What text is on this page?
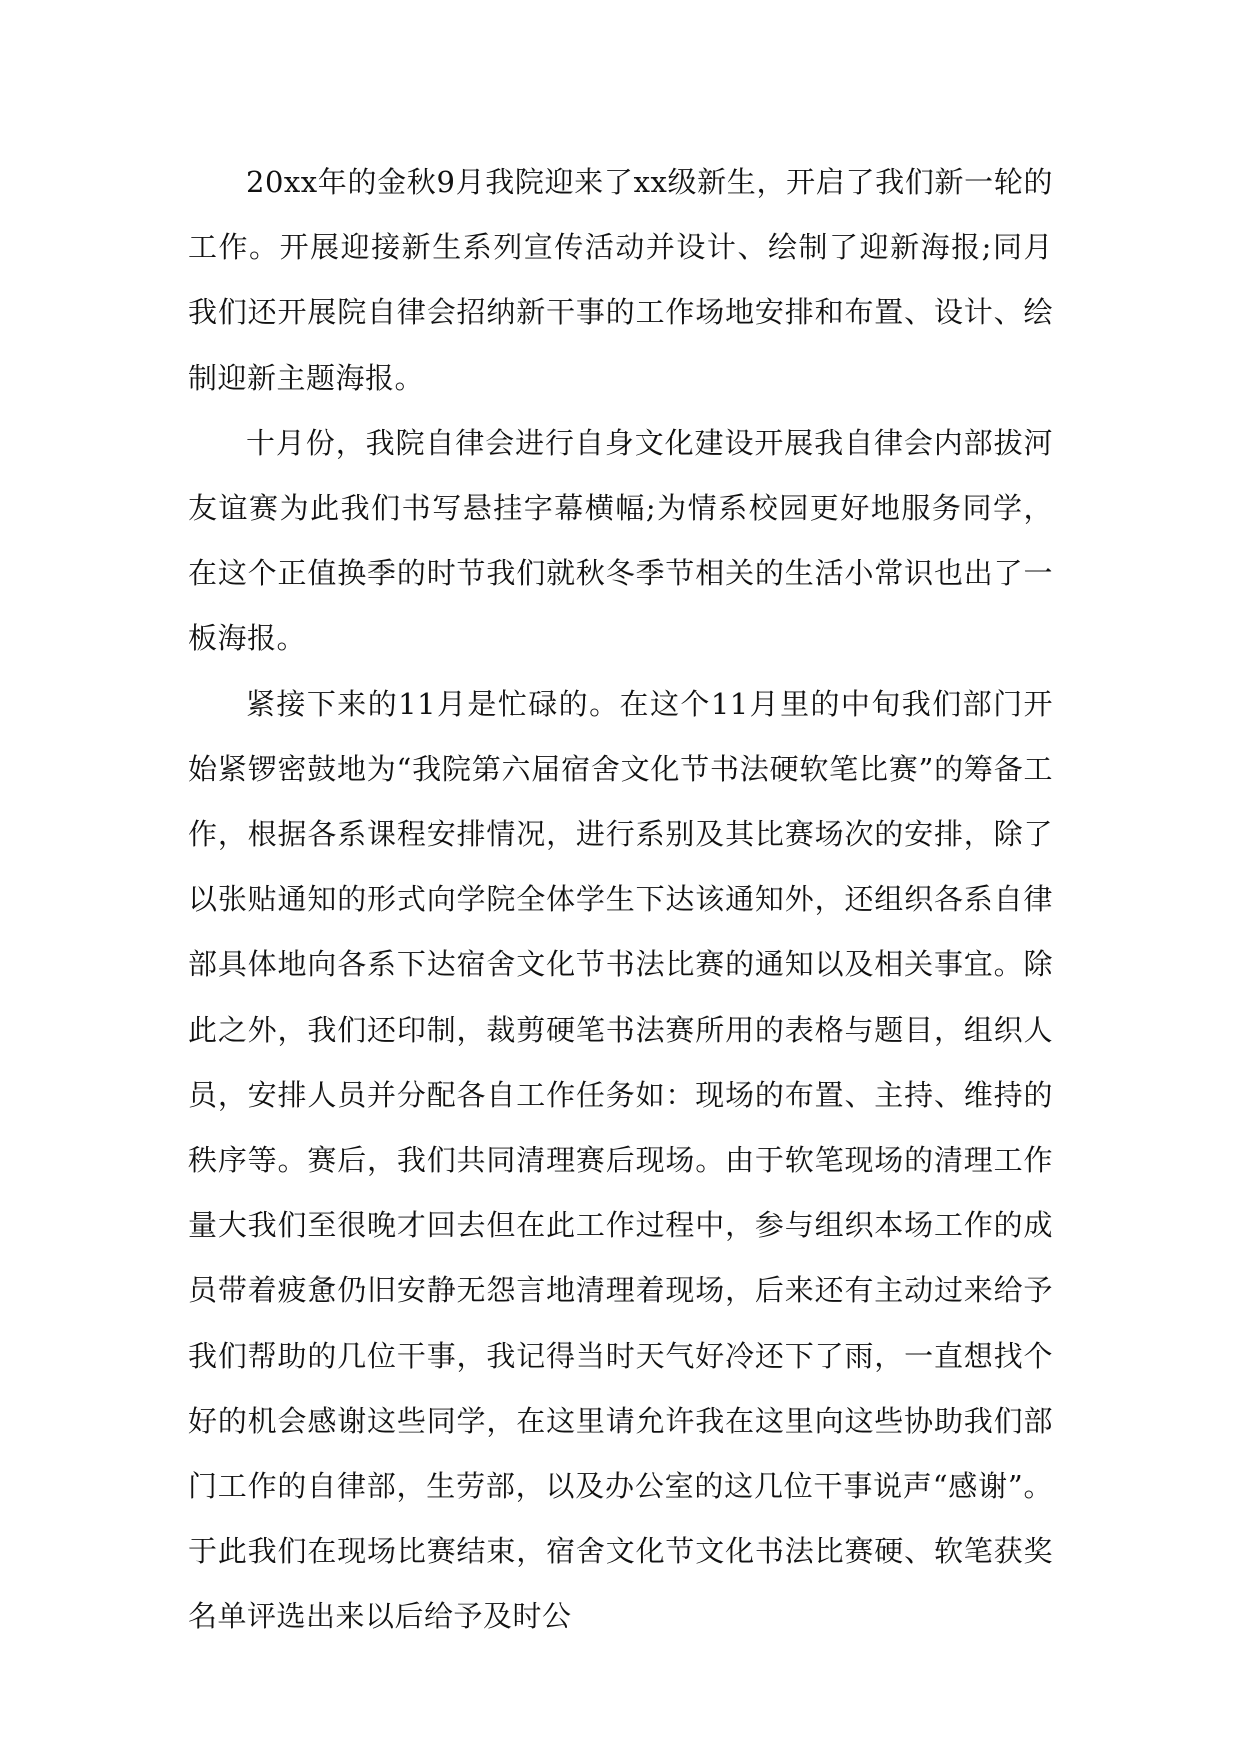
20xx年的金秋9月我院迎来了xx级新生，开启了我们新一轮的工作。开展迎接新生系列宣传活动并设计、绘制了迎新海报;同月我们还开展院自律会招纳新干事的工作场地安排和布置、设计、绘制迎新主题海报。

十月份，我院自律会进行自身文化建设开展我自律会内部拔河友谊赛为此我们书写悬挂字幕横幅;为情系校园更好地服务同学，在这个正值换季的时节我们就秋冬季节相关的生活小常识也出了一板海报。

紧接下来的11月是忙碌的。在这个11月里的中旬我们部门开始紧锣密鼓地为“我院第六届宿舍文化节书法硬软笔比赛”的筹备工作，根据各系课程安排情况，进行系别及其比赛场次的安排，除了以张贴通知的形式向学院全体学生下达该通知外，还组织各系自律部具体地向各系下达宿舍文化节书法比赛的通知以及相关事宜。除此之外，我们还印制，裁剪硬笔书法赛所用的表格与题目，组织人员，安排人员并分配各自工作任务如：现场的布置、主持、维持的秩序等。赛后，我们共同清理赛后现场。由于软笔现场的清理工作量大我们至很晚才回去但在此工作过程中，参与组织本场工作的成员带着疲惫仍旧安静无怨言地清理着现场，后来还有主动过来给予我们帮助的几位干事，我记得当时天气好冷还下了雨，一直想找个好的机会感谢这些同学，在这里请允许我在这里向这些协助我们部门工作的自律部，生劳部，以及办公室的这几位干事说声“感谢”。于此我们在现场比赛结束，宿舍文化节文化书法比赛硬、软笔获奖名单评选出来以后给予及时公
